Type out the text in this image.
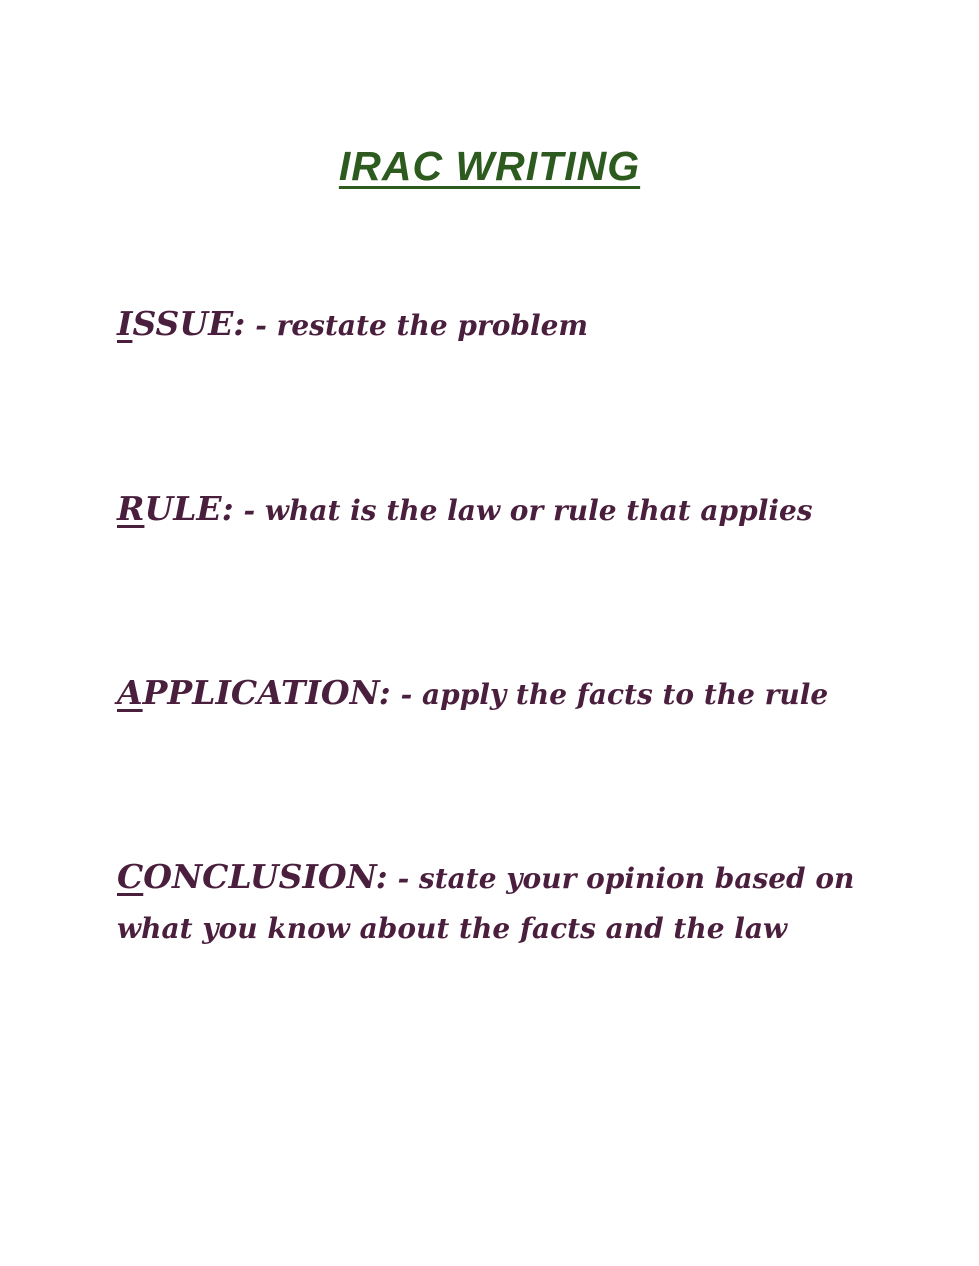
IRAC WRITING

ISSUE: - restate the problem

RULE: - what is the law or rule that applies

APPLICATION: - apply the facts to the rule

CONCLUSION: - state your opinion based on what you know about the facts and the law
